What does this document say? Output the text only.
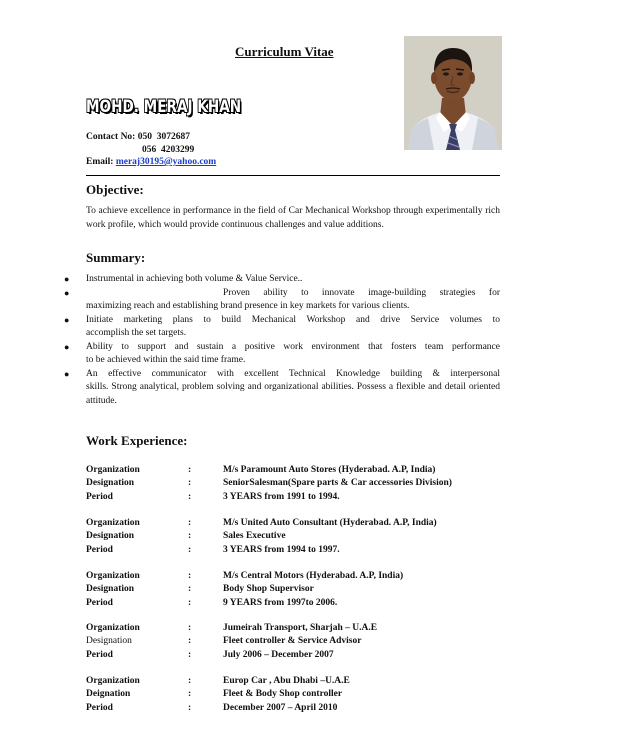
Curriculum Vitae
MOHD. MERAJ KHAN
Contact No: 050  3072687
056  4203299
Email: meraj30195@yahoo.com
Objective:
To achieve excellence in performance in the field of Car Mechanical Workshop through experimentally rich work profile, which would provide continuous challenges and value additions.
Summary:
● Instrumental in achieving both volume & Value Service..
●	Proven ability to innovate image-building strategies for
maximizing reach and establishing brand presence in key markets for various clients.
● Initiate marketing plans to build Mechanical Workshop and drive Service volumes to
accomplish the set targets.
● Ability to support and sustain a positive work environment that fosters team performance
to be achieved within the said time frame.
● An effective communicator with excellent Technical Knowledge building & interpersonal
skills. Strong analytical, problem solving and organizational abilities. Possess a flexible and detail oriented attitude.
Work Experience:
Organization	:	M/s Paramount Auto Stores (Hyderabad. A.P, India)
Designation	:	SeniorSalesman(Spare parts & Car accessories Division)
Period	:	3 YEARS from 1991 to 1994.
Organization	:	M/s United Auto Consultant (Hyderabad. A.P, India)
Designation	:	Sales Executive
Period	:	3 YEARS from 1994 to 1997.
Organization	:	M/s Central Motors (Hyderabad. A.P, India)
Designation	:	Body Shop Supervisor
Period	:	9 YEARS from 1997to 2006.
Organization	:	Jumeirah Transport, Sharjah – U.A.E
Designation	:	Fleet controller & Service Advisor
Period	:	July 2006 – December 2007
Organization	:	Europ Car , Abu Dhabi –U.A.E
Deignation	:	Fleet & Body Shop controller
Period	:	December 2007 – April 2010
